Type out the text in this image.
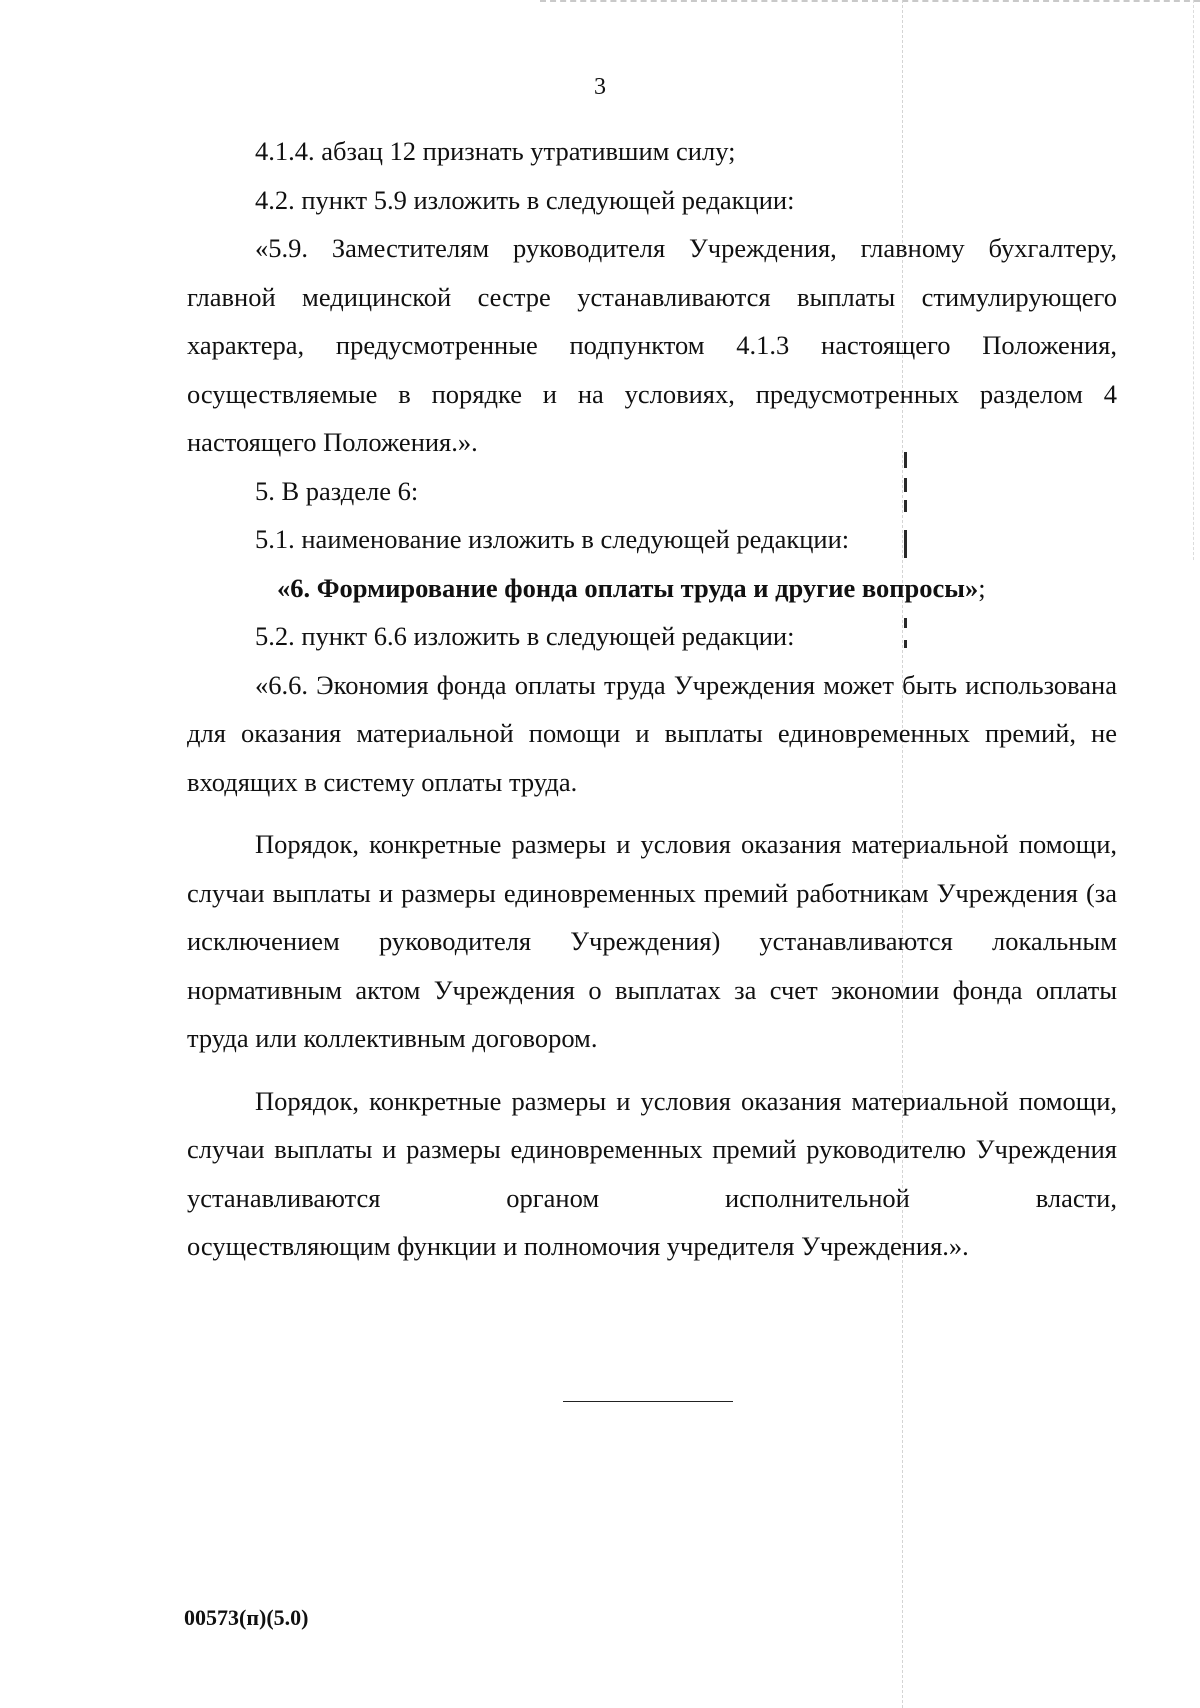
3

4.1.4. абзац 12 признать утратившим силу;

4.2. пункт 5.9 изложить в следующей редакции:

«5.9. Заместителям руководителя Учреждения, главному бухгалтеру, главной медицинской сестре устанавливаются выплаты стимулирующего характера, предусмотренные подпунктом 4.1.3 настоящего Положения, осуществляемые в порядке и на условиях, предусмотренных разделом 4 настоящего Положения.».

5. В разделе 6:

5.1. наименование изложить в следующей редакции:

«6. Формирование фонда оплаты труда и другие вопросы»;

5.2. пункт 6.6 изложить в следующей редакции:

«6.6. Экономия фонда оплаты труда Учреждения может быть использована для оказания материальной помощи и выплаты единовременных премий, не входящих в систему оплаты труда.

Порядок, конкретные размеры и условия оказания материальной помощи, случаи выплаты и размеры единовременных премий работникам Учреждения (за исключением руководителя Учреждения) устанавливаются локальным нормативным актом Учреждения о выплатах за счет экономии фонда оплаты труда или коллективным договором.

Порядок, конкретные размеры и условия оказания материальной помощи, случаи выплаты и размеры единовременных премий руководителю Учреждения устанавливаются органом исполнительной власти,

осуществляющим функции и полномочия учредителя Учреждения.».

00573(п)(5.0)
